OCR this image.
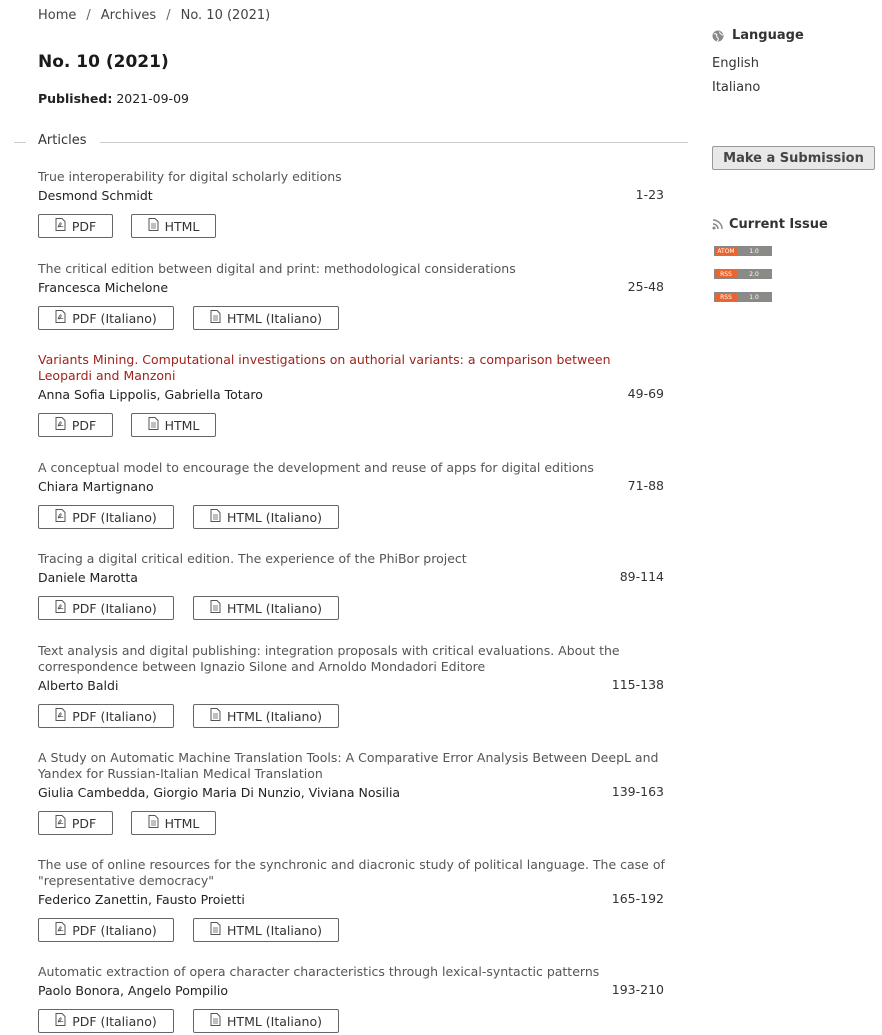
Home / Archives / No. 10 (2021)
No. 10 (2021)
Published: 2021-09-09
Articles
True interoperability for digital scholarly editions
Desmond Schmidt	1-23
PDF	HTML
The critical edition between digital and print: methodological considerations
Francesca Michelone	25-48
PDF (Italiano)	HTML (Italiano)
Variants Mining. Computational investigations on authorial variants: a comparison between Leopardi and Manzoni
Anna Sofia Lippolis, Gabriella Totaro	49-69
PDF	HTML
A conceptual model to encourage the development and reuse of apps for digital editions
Chiara Martignano	71-88
PDF (Italiano)	HTML (Italiano)
Tracing a digital critical edition. The experience of the PhiBor project
Daniele Marotta	89-114
PDF (Italiano)	HTML (Italiano)
Text analysis and digital publishing: integration proposals with critical evaluations. About the correspondence between Ignazio Silone and Arnoldo Mondadori Editore
Alberto Baldi	115-138
PDF (Italiano)	HTML (Italiano)
A Study on Automatic Machine Translation Tools: A Comparative Error Analysis Between DeepL and Yandex for Russian-Italian Medical Translation
Giulia Cambedda, Giorgio Maria Di Nunzio, Viviana Nosilia	139-163
PDF	HTML
The use of online resources for the synchronic and diacronic study of political language. The case of "representative democracy"
Federico Zanettin, Fausto Proietti	165-192
PDF (Italiano)	HTML (Italiano)
Automatic extraction of opera character characteristics through lexical-syntactic patterns
Paolo Bonora, Angelo Pompilio	193-210
PDF (Italiano)	HTML (Italiano)
Language
English
Italiano
Make a Submission
Current Issue
ATOM	1.0
RSS	2.0
RSS	1.0
